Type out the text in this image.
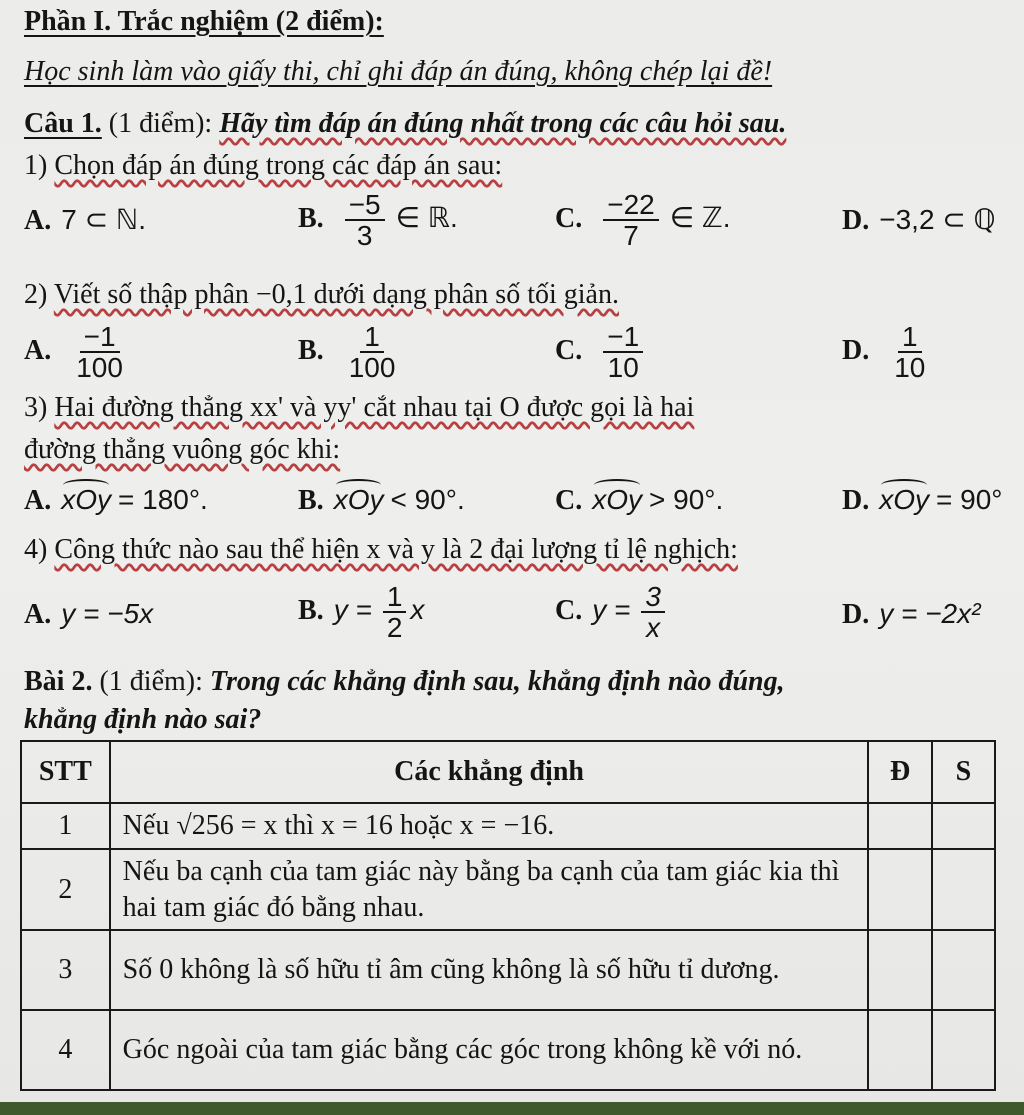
Phần I. Trắc nghiệm (2 điểm):
Học sinh làm vào giấy thi, chỉ ghi đáp án đúng, không chép lại đề!
Câu 1. (1 điểm): Hãy tìm đáp án đúng nhất trong các câu hỏi sau.
1) Chọn đáp án đúng trong các đáp án sau:
A. 7 ⊂ ℕ.	B. $\frac{-5}{3}$ ∈ ℝ.	C. $\frac{-22}{7}$ ∈ ℤ.	D. −3,2 ⊂ ℚ
2) Viết số thập phân −0,1 dưới dạng phân số tối giản.
A. $\frac{-1}{100}$	B. $\frac{1}{100}$	C. $\frac{-1}{10}$	D. $\frac{1}{10}$
3) Hai đường thẳng xx' và yy' cắt nhau tại O được gọi là hai
đường thẳng vuông góc khi:
A. xOy = 180°.	B. xOy < 90°.	C. xOy > 90°.	D. xOy = 90°
4) Công thức nào sau thể hiện x và y là 2 đại lượng tỉ lệ nghịch:
A. y = −5x	B. $y = \frac{1}{2}$ x	C. $y = \frac{3}{x}$	D. y = −2x²
Bài 2. (1 điểm): Trong các khẳng định sau, khẳng định nào đúng,
khẳng định nào sai?
STT	Các khẳng định	Đ	S
1	Nếu √256 = x thì x = 16 hoặc x = −16.		
2	Nếu ba cạnh của tam giác này bằng ba cạnh của tam giác kia thì hai tam giác đó bằng nhau.		
3	Số 0 không là số hữu tỉ âm cũng không là số hữu tỉ dương.		
4	Góc ngoài của tam giác bằng các góc trong không kề với nó.		
